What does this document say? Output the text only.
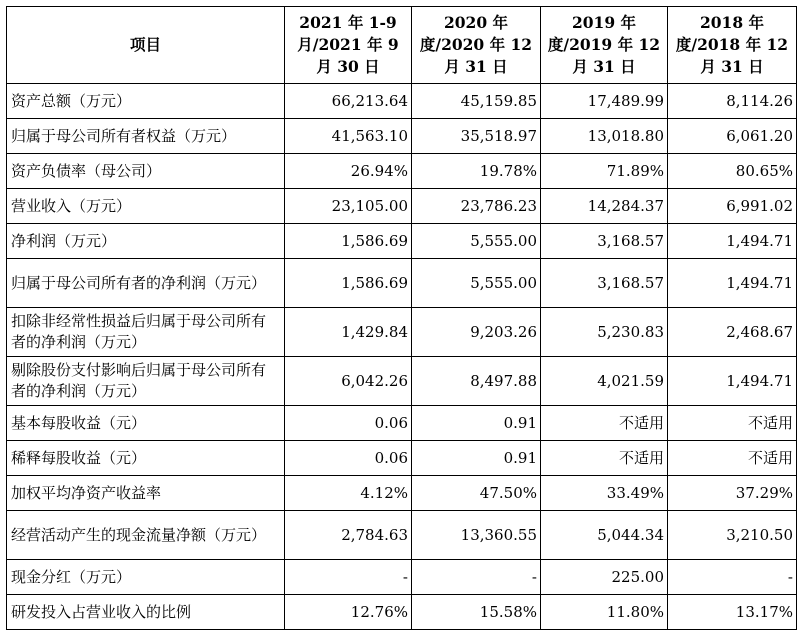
项目	2021 年 1-9 月/2021 年 9 月 30 日	2020 年度/2020 年 12 月 31 日	2019 年度/2019 年 12 月 31 日	2018 年度/2018 年 12 月 31 日
资产总额（万元）	66,213.64	45,159.85	17,489.99	8,114.26
归属于母公司所有者权益（万元）	41,563.10	35,518.97	13,018.80	6,061.20
资产负债率（母公司）	26.94%	19.78%	71.89%	80.65%
营业收入（万元）	23,105.00	23,786.23	14,284.37	6,991.02
净利润（万元）	1,586.69	5,555.00	3,168.57	1,494.71
归属于母公司所有者的净利润（万元）	1,586.69	5,555.00	3,168.57	1,494.71
扣除非经常性损益后归属于母公司所有者的净利润（万元）	1,429.84	9,203.26	5,230.83	2,468.67
剔除股份支付影响后归属于母公司所有者的净利润（万元）	6,042.26	8,497.88	4,021.59	1,494.71
基本每股收益（元）	0.06	0.91	不适用	不适用
稀释每股收益（元）	0.06	0.91	不适用	不适用
加权平均净资产收益率	4.12%	47.50%	33.49%	37.29%
经营活动产生的现金流量净额（万元）	2,784.63	13,360.55	5,044.34	3,210.50
现金分红（万元）	-	-	225.00	-
研发投入占营业收入的比例	12.76%	15.58%	11.80%	13.17%
